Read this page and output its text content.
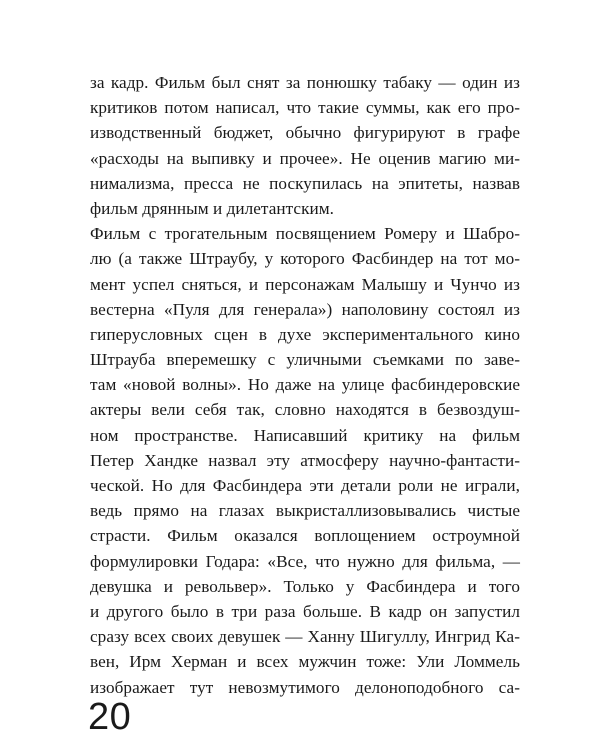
за кадр. Фильм был снят за понюшку табаку — один из
критиков потом написал, что такие суммы, как его про-
изводственный бюджет, обычно фигурируют в графе
«расходы на выпивку и прочее». Не оценив магию ми-
нимализма, пресса не поскупилась на эпитеты, назвав
фильм дрянным и дилетантским.
Фильм с трогательным посвящением Ромеру и Шабро-
лю (а также Штраубу, у которого Фасбиндер на тот мо-
мент успел сняться, и персонажам Малышу и Чунчо из
вестерна «Пуля для генерала») наполовину состоял из
гиперусловных сцен в духе экспериментального кино
Штрауба вперемешку с уличными съемками по заве-
там «новой волны». Но даже на улице фасбиндеровские
актеры вели себя так, словно находятся в безвоздуш-
ном пространстве. Написавший критику на фильм
Петер Хандке назвал эту атмосферу научно-фантасти-
ческой. Но для Фасбиндера эти детали роли не играли,
ведь прямо на глазах выкристаллизовывались чистые
страсти. Фильм оказался воплощением остроумной
формулировки Годара: «Все, что нужно для фильма, —
девушка и револьвер». Только у Фасбиндера и того
и другого было в три раза больше. В кадр он запустил
сразу всех своих девушек — Ханну Шигуллу, Ингрид Ка-
вен, Ирм Херман и всех мужчин тоже: Ули Ломмель
изображает тут невозмутимого делоноподобного са-
20
